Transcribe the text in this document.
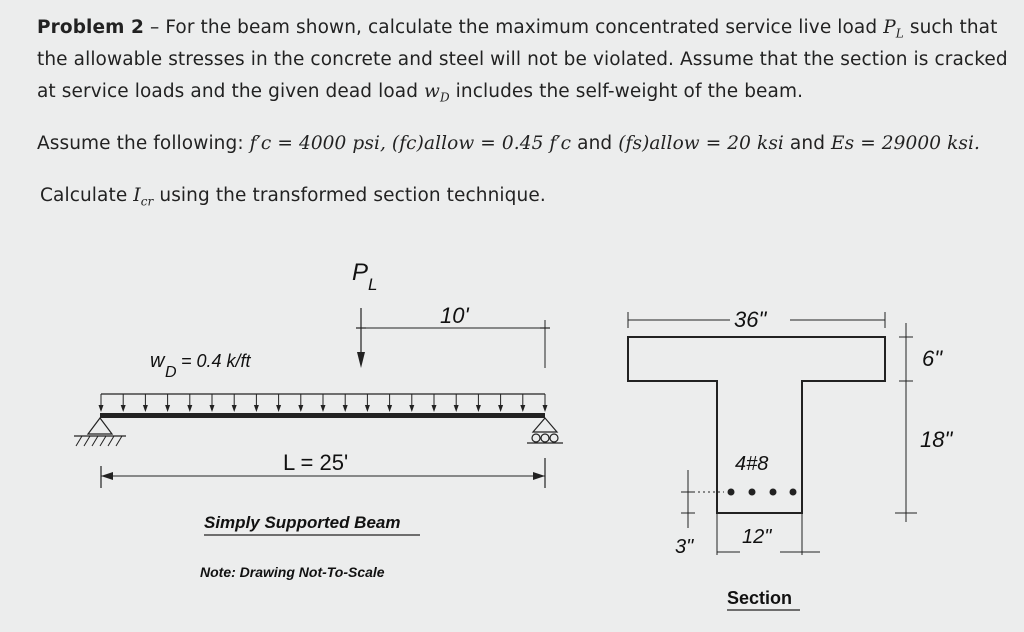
Problem 2 – For the beam shown, calculate the maximum concentrated service live load $P_L$ such that
the allowable stresses in the concrete and steel will not be violated. Assume that the section is cracked
at service loads and the given dead load $w_D$ includes the self-weight of the beam.
Assume the following: f′c = 4000 psi, (fc)allow = 0.45 f′c and (fs)allow = 20 ksi and Es = 29000 ksi.
Calculate $I_{cr}$ using the transformed section technique.
P L
10'
w
D
= 0.4 k/ft
L = 25'
Simply Supported Beam
Note: Drawing Not-To-Scale
36"
6"
18"
4#8
3" 12"
Section
